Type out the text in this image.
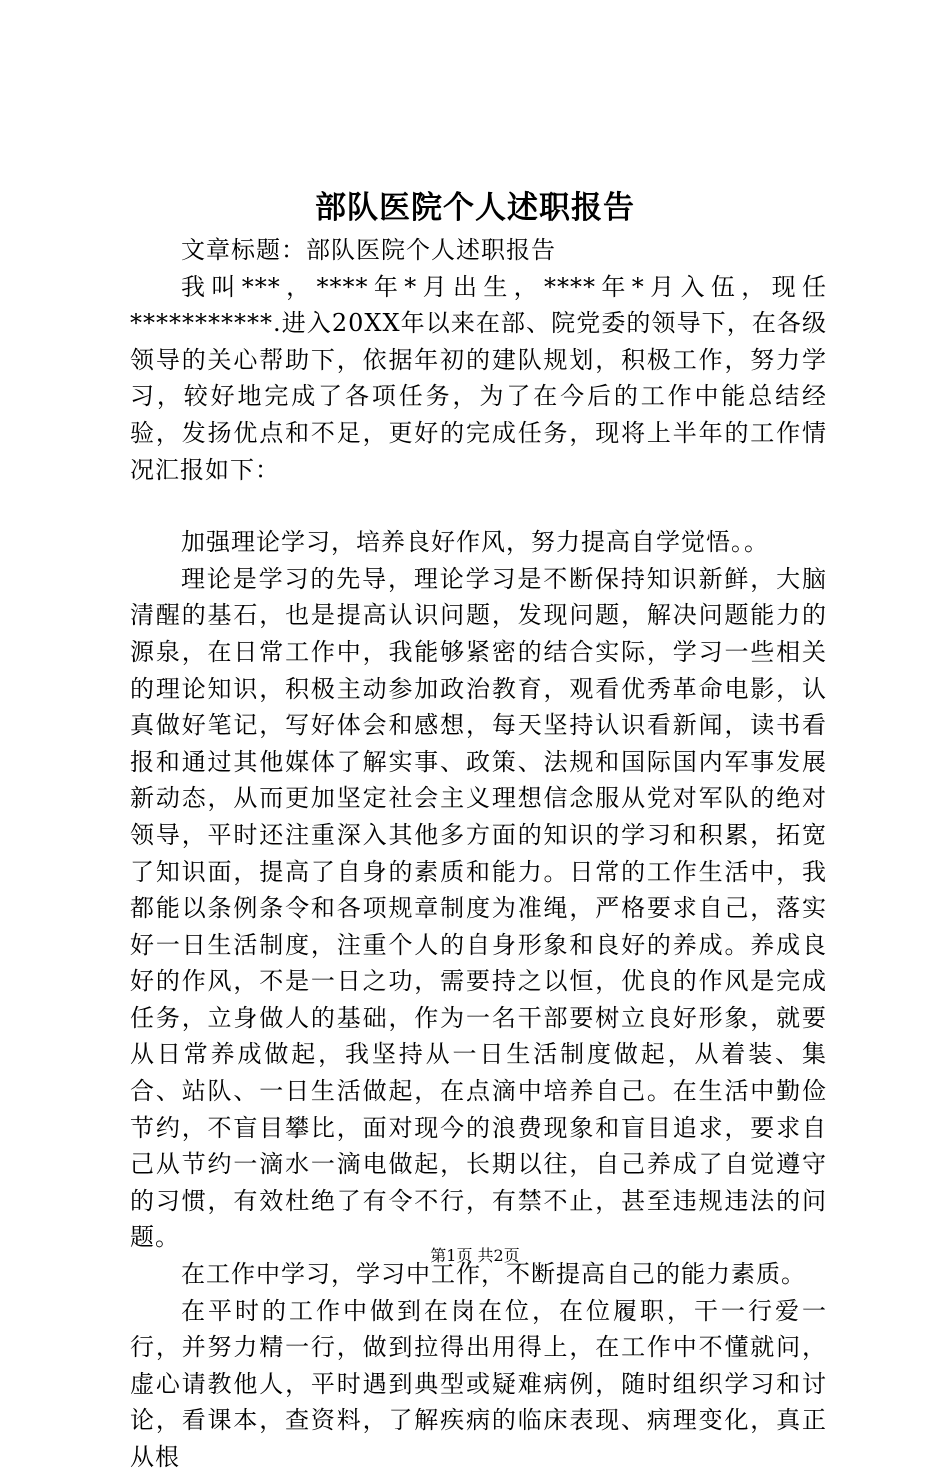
部队医院个人述职报告

文章标题：部队医院个人述职报告

我叫***，****年*月出生，****年*月入伍，现任***********.进入20XX年以来在部、院党委的领导下，在各级领导的关心帮助下，依据年初的建队规划，积极工作，努力学习，较好地完成了各项任务，为了在今后的工作中能总结经验，发扬优点和不足，更好的完成任务，现将上半年的工作情况汇报如下：

加强理论学习，培养良好作风，努力提高自学觉悟。。

理论是学习的先导，理论学习是不断保持知识新鲜，大脑清醒的基石，也是提高认识问题，发现问题，解决问题能力的源泉，在日常工作中，我能够紧密的结合实际，学习一些相关的理论知识，积极主动参加政治教育，观看优秀革命电影，认真做好笔记，写好体会和感想，每天坚持认识看新闻，读书看报和通过其他媒体了解实事、政策、法规和国际国内军事发展新动态，从而更加坚定社会主义理想信念服从党对军队的绝对领导，平时还注重深入其他多方面的知识的学习和积累，拓宽了知识面，提高了自身的素质和能力。日常的工作生活中，我都能以条例条令和各项规章制度为准绳，严格要求自己，落实好一日生活制度，注重个人的自身形象和良好的养成。养成良好的作风，不是一日之功，需要持之以恒，优良的作风是完成任务，立身做人的基础，作为一名干部要树立良好形象，就要从日常养成做起，我坚持从一日生活制度做起，从着装、集合、站队、一日生活做起，在点滴中培养自己。在生活中勤俭节约，不盲目攀比，面对现今的浪费现象和盲目追求，要求自己从节约一滴水一滴电做起，长期以往，自己养成了自觉遵守的习惯，有效杜绝了有令不行，有禁不止，甚至违规违法的问题。

在工作中学习，学习中工作，不断提高自己的能力素质。

在平时的工作中做到在岗在位，在位履职，干一行爱一行，并努力精一行，做到拉得出用得上，在工作中不懂就问，虚心请教他人，平时遇到典型或疑难病例，随时组织学习和讨论，看课本，查资料，了解疾病的临床表现、病理变化，真正从根

第1页 共2页
